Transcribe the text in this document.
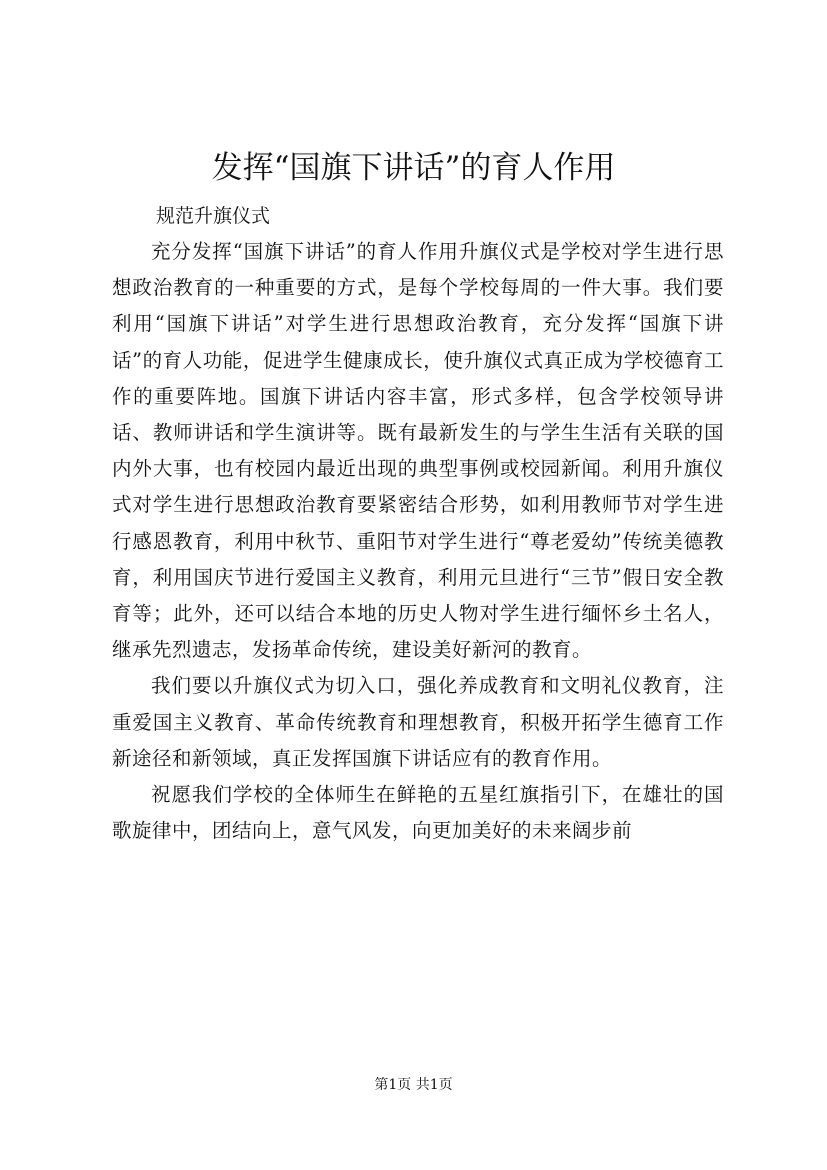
发挥“国旗下讲话”的育人作用

规范升旗仪式

充分发挥“国旗下讲话”的育人作用升旗仪式是学校对学生进行思想政治教育的一种重要的方式，是每个学校每周的一件大事。我们要利用“国旗下讲话”对学生进行思想政治教育，充分发挥“国旗下讲话”的育人功能，促进学生健康成长，使升旗仪式真正成为学校德育工作的重要阵地。国旗下讲话内容丰富，形式多样，包含学校领导讲话、教师讲话和学生演讲等。既有最新发生的与学生生活有关联的国内外大事，也有校园内最近出现的典型事例或校园新闻。利用升旗仪式对学生进行思想政治教育要紧密结合形势，如利用教师节对学生进行感恩教育，利用中秋节、重阳节对学生进行“尊老爱幼”传统美德教育，利用国庆节进行爱国主义教育，利用元旦进行“三节”假日安全教育等；此外，还可以结合本地的历史人物对学生进行缅怀乡土名人，继承先烈遗志，发扬革命传统，建设美好新河的教育。

我们要以升旗仪式为切入口，强化养成教育和文明礼仪教育，注重爱国主义教育、革命传统教育和理想教育，积极开拓学生德育工作新途径和新领域，真正发挥国旗下讲话应有的教育作用。

祝愿我们学校的全体师生在鲜艳的五星红旗指引下，在雄壮的国歌旋律中，团结向上，意气风发，向更加美好的未来阔步前

第1页 共1页
